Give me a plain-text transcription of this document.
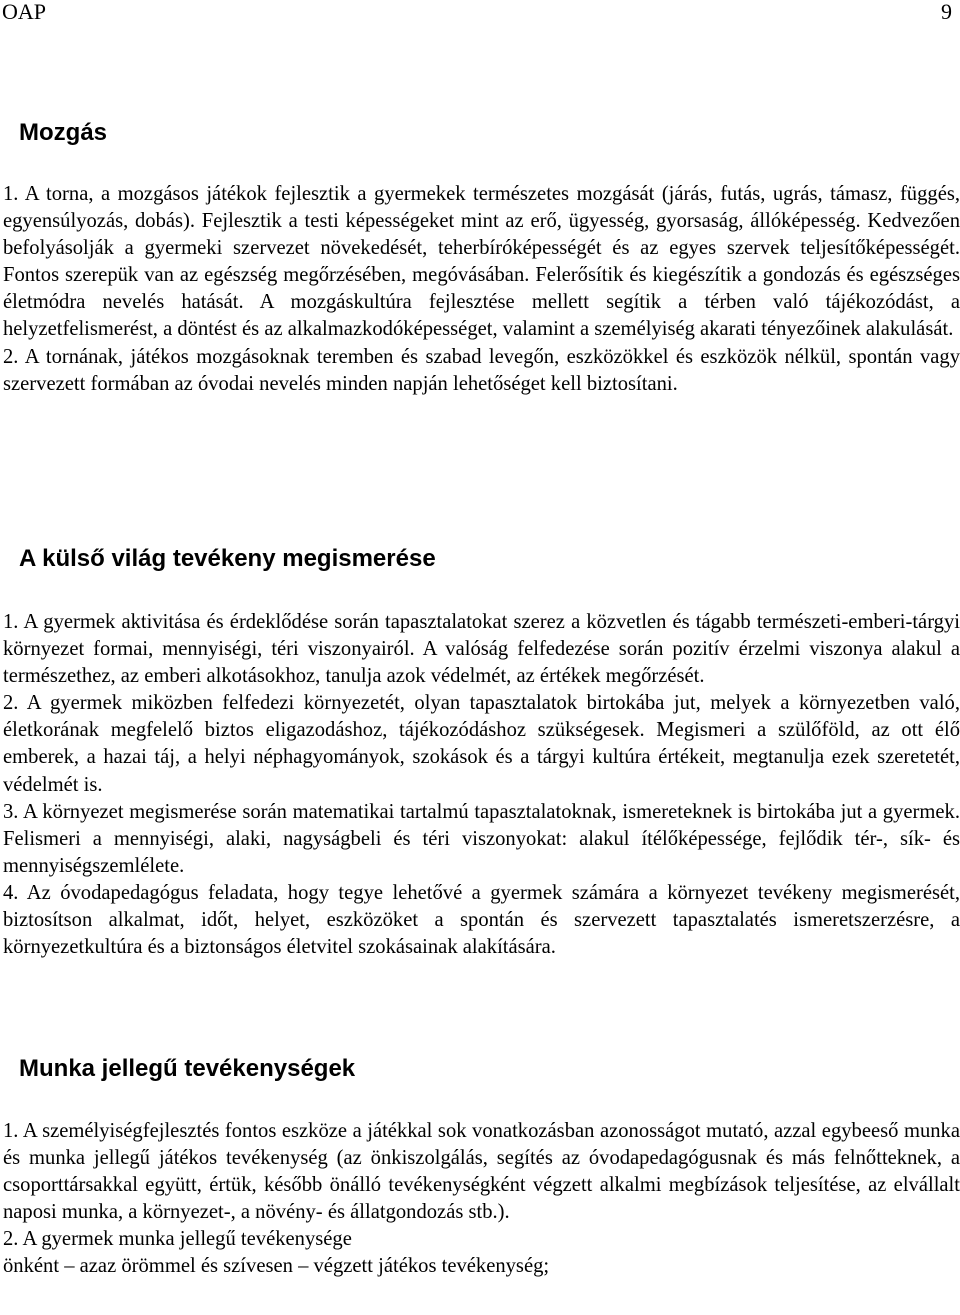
OAP	9
Mozgás

1. A torna, a mozgásos játékok fejlesztik a gyermekek természetes mozgását (járás, futás, ugrás, támasz, függés, egyensúlyozás, dobás). Fejlesztik a testi képességeket mint az erő, ügyesség, gyorsaság, állóképesség. Kedvezően befolyásolják a gyermeki szervezet növekedését, teherbíróképességét és az egyes szervek teljesítőképességét. Fontos szerepük van az egészség megőrzésében, megóvásában. Felerősítik és kiegészítik a gondozás és egészséges életmódra nevelés hatását. A mozgáskultúra fejlesztése mellett segítik a térben való tájékozódást, a helyzetfelismerést, a döntést és az alkalmazkodóképességet, valamint a személyiség akarati tényezőinek alakulását.

2. A tornának, játékos mozgásoknak teremben és szabad levegőn, eszközökkel és eszközök nélkül, spontán vagy szervezett formában az óvodai nevelés minden napján lehetőséget kell biztosítani.

A külső világ tevékeny megismerése

1. A gyermek aktivitása és érdeklődése során tapasztalatokat szerez a közvetlen és tágabb természeti-emberi-tárgyi környezet formai, mennyiségi, téri viszonyairól. A valóság felfedezése során pozitív érzelmi viszonya alakul a természethez, az emberi alkotásokhoz, tanulja azok védelmét, az értékek megőrzését.

2. A gyermek miközben felfedezi környezetét, olyan tapasztalatok birtokába jut, melyek a környezetben való, életkorának megfelelő biztos eligazodáshoz, tájékozódáshoz szükségesek. Megismeri a szülőföld, az ott élő emberek, a hazai táj, a helyi néphagyományok, szokások és a tárgyi kultúra értékeit, megtanulja ezek szeretetét, védelmét is.

3. A környezet megismerése során matematikai tartalmú tapasztalatoknak, ismereteknek is birtokába jut a gyermek. Felismeri a mennyiségi, alaki, nagyságbeli és téri viszonyokat: alakul ítélőképessége, fejlődik tér-, sík- és mennyiségszemlélete.

4. Az óvodapedagógus feladata, hogy tegye lehetővé a gyermek számára a környezet tevékeny megismerését, biztosítson alkalmat, időt, helyet, eszközöket a spontán és szervezett tapasztalatés ismeretszerzésre, a környezetkultúra és a biztonságos életvitel szokásainak alakítására.

Munka jellegű tevékenységek

1. A személyiségfejlesztés fontos eszköze a játékkal sok vonatkozásban azonosságot mutató, azzal egybeeső munka és munka jellegű játékos tevékenység (az önkiszolgálás, segítés az óvodapedagógusnak és más felnőtteknek, a csoporttársakkal együtt, értük, később önálló tevékenységként végzett alkalmi megbízások teljesítése, az elvállalt naposi munka, a környezet-, a növény- és állatgondozás stb.).

2. A gyermek munka jellegű tevékenysége

önként – azaz örömmel és szívesen – végzett játékos tevékenység;
